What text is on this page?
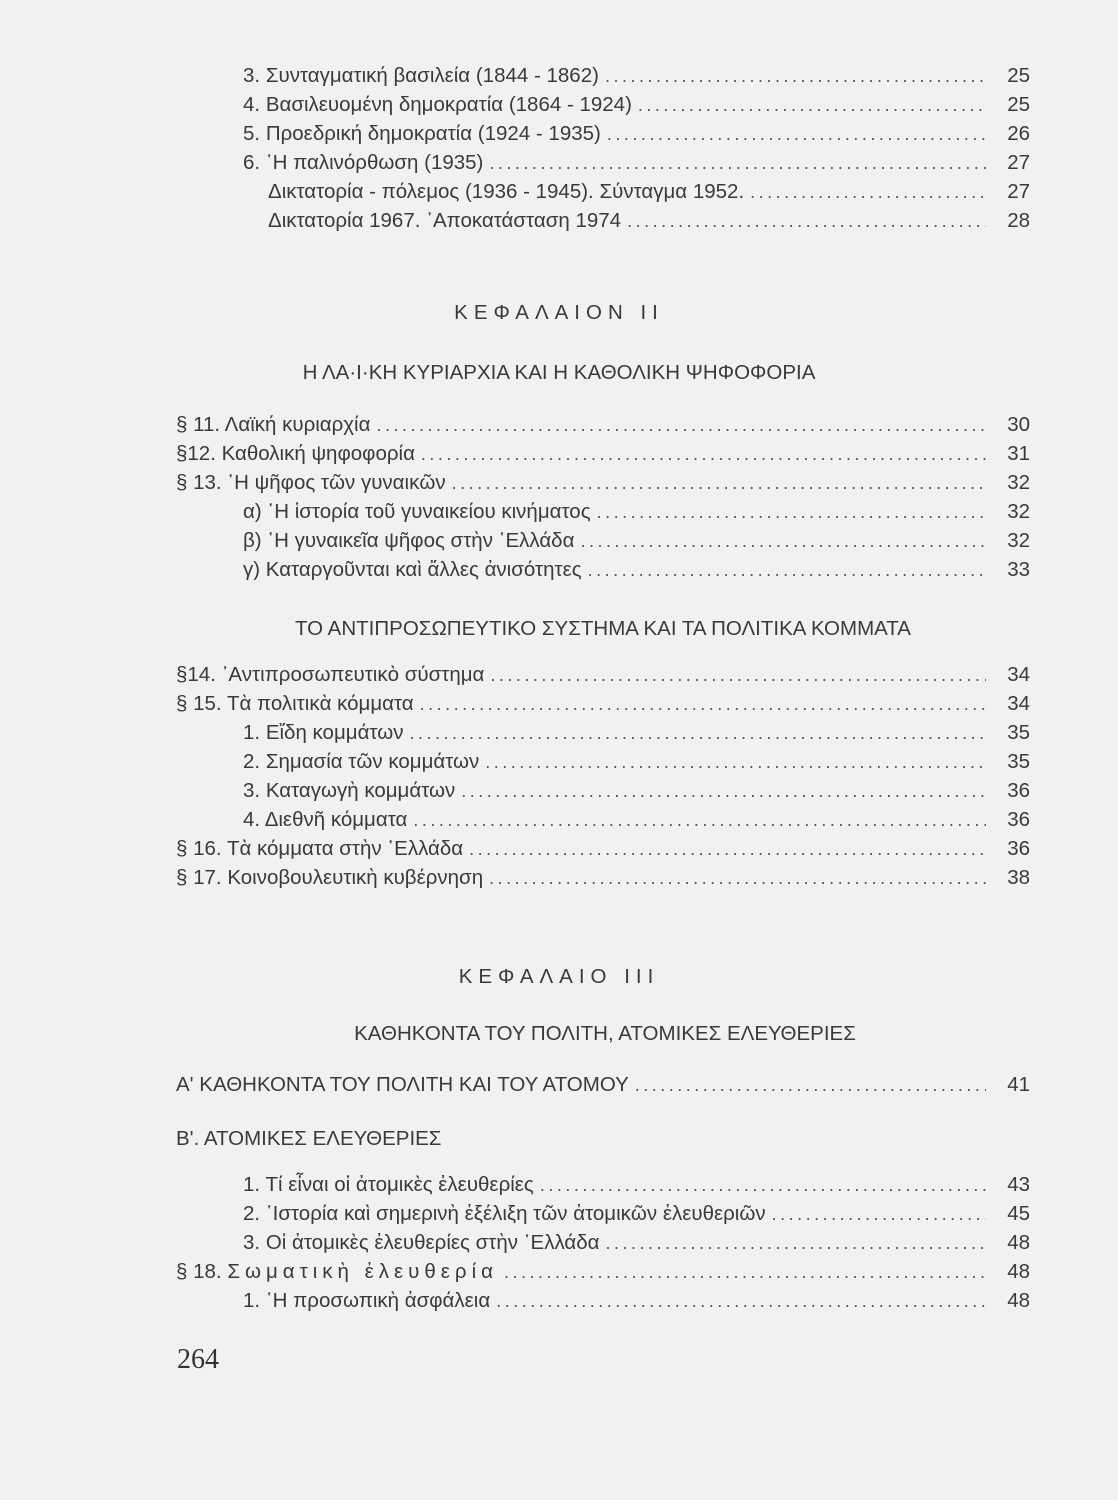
3. Συνταγματική βασιλεία (1844 - 1862) .....	25
4. Βασιλευομένη δημοκρατία (1864 - 1924) .....	25
5. Προεδρική δημοκρατία (1924 - 1935) .....	26
6. ῾Η παλινόρθωση (1935) .....	27
Δικτατορία - πόλεμος (1936 - 1945). Σύνταγμα 1952. .....	27
Δικτατορία 1967. ᾿Αποκατάσταση 1974 .....	28
ΚΕΦΑΛΑΙΟΝ II
Η ΛΑ·Ι·ΚΗ ΚΥΡΙΑΡΧΙΑ ΚΑΙ Η ΚΑΘΟΛΙΚΗ ΨΗΦΟΦΟΡΙΑ
§ 11. Λαϊκή κυριαρχία .....	30
§12. Καθολική ψηφοφορία .....	31
§ 13. ῾Η ψῆφος τῶν γυναικῶν .....	32
α) ῾Η ἱστορία τοῦ γυναικείου κινήματος .....	32
β) ῾Η γυναικεῖα ψῆφος στὴν ῾Ελλάδα .....	32
γ) Καταργοῦνται καὶ ἄλλες ἀνισότητες .....	33
ΤΟ ΑΝΤΙΠΡΟΣΩΠΕΥΤΙΚΟ ΣΥΣΤΗΜΑ ΚΑΙ ΤΑ ΠΟΛΙΤΙΚΑ ΚΟΜΜΑΤΑ
§14. ᾿Αντιπροσωπευτικὸ σύστημα .....	34
§ 15. Τὰ πολιτικὰ κόμματα .....	34
1. Εἴδη κομμάτων .....	35
2. Σημασία τῶν κομμάτων .....	35
3. Καταγωγὴ κομμάτων .....	36
4. Διεθνῆ κόμματα .....	36
§ 16. Τὰ κόμματα στὴν ῾Ελλάδα .....	36
§ 17. Κοινοβουλευτικὴ κυβέρνηση .....	38
ΚΕΦΑΛΑΙΟ III
ΚΑΘΗΚΟΝΤΑ ΤΟΥ ΠΟΛΙΤΗ, ΑΤΟΜΙΚΕΣ ΕΛΕΥΘΕΡΙΕΣ
Α' ΚΑΘΗΚΟΝΤΑ ΤΟΥ ΠΟΛΙΤΗ ΚΑΙ ΤΟΥ ΑΤΟΜΟΥ .....	41
Β'. ΑΤΟΜΙΚΕΣ ΕΛΕΥΘΕΡΙΕΣ
1. Τί εἶναι οἱ ἀτομικὲς ἐλευθερίες .....	43
2. ῾Ιστορία καὶ σημερινὴ ἐξέλιξη τῶν ἀτομικῶν ἐλευθεριῶν .....	45
3. Οἱ ἀτομικὲς ἐλευθερίες στὴν ῾Ελλάδα .....	48
§ 18. Σωματικὴ ἐλευθερία .....	48
1. ῾Η προσωπικὴ ἀσφάλεια .....	48
264
